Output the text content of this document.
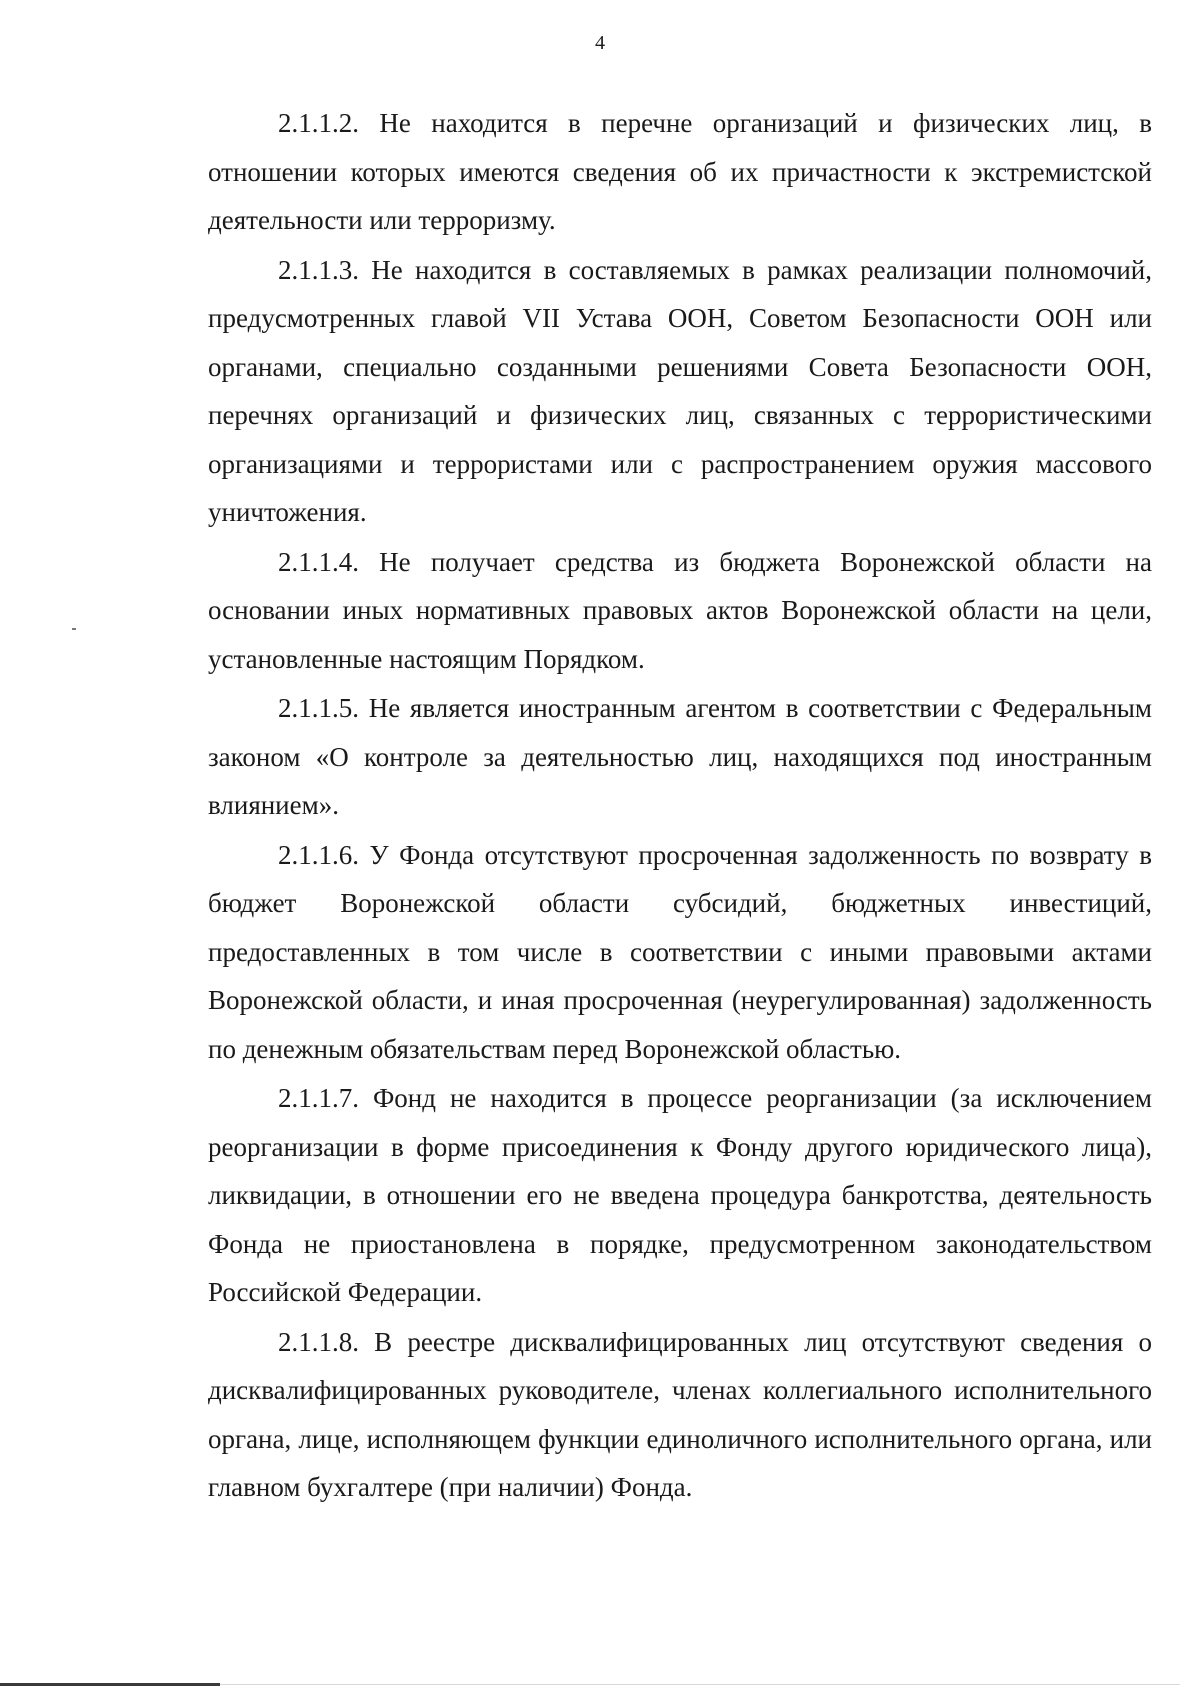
4

2.1.1.2. Не находится в перечне организаций и физических лиц, в отношении которых имеются сведения об их причастности к экстремистской деятельности или терроризму.

2.1.1.3. Не находится в составляемых в рамках реализации полномочий, предусмотренных главой VII Устава ООН, Советом Безопасности ООН или органами, специально созданными решениями Совета Безопасности ООН, перечнях организаций и физических лиц, связанных с террористическими организациями и террористами или с распространением оружия массового уничтожения.

2.1.1.4. Не получает средства из бюджета Воронежской области на основании иных нормативных правовых актов Воронежской области на цели, установленные настоящим Порядком.

2.1.1.5. Не является иностранным агентом в соответствии с Федеральным законом «О контроле за деятельностью лиц, находящихся под иностранным влиянием».

2.1.1.6. У Фонда отсутствуют просроченная задолженность по возврату в бюджет Воронежской области субсидий, бюджетных инвестиций, предоставленных в том числе в соответствии с иными правовыми актами Воронежской области, и иная просроченная (неурегулированная) задолженность по денежным обязательствам перед Воронежской областью.

2.1.1.7. Фонд не находится в процессе реорганизации (за исключением реорганизации в форме присоединения к Фонду другого юридического лица), ликвидации, в отношении его не введена процедура банкротства, деятельность Фонда не приостановлена в порядке, предусмотренном законодательством Российской Федерации.

2.1.1.8. В реестре дисквалифицированных лиц отсутствуют сведения о дисквалифицированных руководителе, членах коллегиального исполнительного органа, лице, исполняющем функции единоличного исполнительного органа, или главном бухгалтере (при наличии) Фонда.
